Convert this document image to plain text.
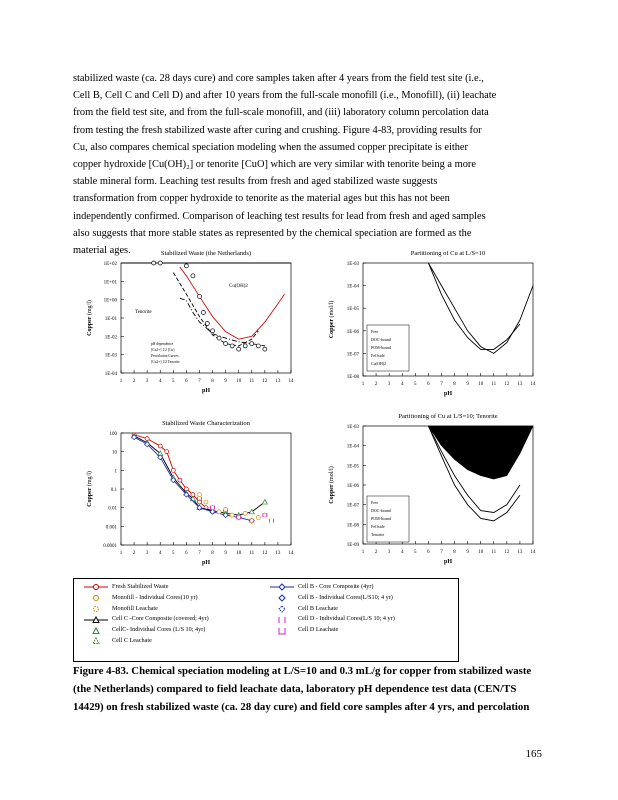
stabilized waste (ca. 28 days cure) and core samples taken after 4 years from the field test site (i.e.,

Cell B, Cell C and Cell D) and after 10 years from the full‐scale monofill (i.e., Monofill), (ii) leachate

from the field test site, and from the full‐scale monofill, and (iii) laboratory column percolation data

from testing the fresh stabilized waste after curing and crushing. Figure 4‐83, providing results for

Cu, also compares chemical speciation modeling when the assumed copper precipitate is either

copper hydroxide [Cu(OH)₂] or tenorite [CuO] which are very similar with tenorite being a more

stable mineral form. Leaching test results from fresh and aged stabilized waste suggests

transformation from copper hydroxide to tenorite as the material ages but this has not been

independently confirmed. Comparison of leaching test results for lead from fresh and aged samples

also suggests that more stable states as represented by the chemical speciation are formed as the

material ages.	Stabilized Waste (the Netherlands)
1E-04
1E-03
1E-02
1E-01
1E+00
1E+01
1E+02
1 2 3 4 5 6 7 8 9 10 11 12 13 14
pH
Copper (mg/l)
Cu(OH)2
Tenorite
pH dependence
[Cu2+] 1/2 [Cu]
Percolation Curves
[Cu2+] 1/2 Tenorite
Partitioning of Cu at L/S=10
1E-08
1E-07
1E-06
1E-05
1E-04
1E-03
1 2 3 4 5 6 7 8 9 10 11 12 13 14
pH
Copper (mol/l)
Free
DOC-bound
POM-bound
FeOxide
Cu(OH)2
Stabilized Waste Characterization
0.0001
0.001
0.01
0.1
1
10
100
1 2 3 4 5 6 7 8 9 10 11 12 13 14
pH
Copper (mg/l)
Partitioning of Cu at L/S=10; Tenorite
1E-09
1E-08
1E-07
1E-06
1E-05
1E-04
1E-03
1 2 3 4 5 6 7 8 9 10 11 12 13 14
pH
Copper (mol/l)
Free
DOC-bound
POM-bound
FeOxide
Tenorite
Fresh Stabilized Waste
Monofill - Individual Cores(10 yr)
Monofill Leachate
Cell C -Core Composite (covered; 4yr)
CellC- Individual Cores (L/S 10; 4yr)
Cell C Leachate
Cell B - Core Composite (4yr)
Cell B - Individual Cores(L/S10; 4 yr)
Cell B Leachate
Cell D - Individual Cores(L/S 10; 4 yr)
Cell D Leachate
Figure 4‐83. Chemical speciation modeling at L/S=10 and 0.3 mL/g for copper from stabilized waste
(the Netherlands) compared to field leachate data, laboratory pH dependence test data (CEN/TS
14429) on fresh stabilized waste (ca. 28 day cure) and field core samples after 4 yrs, and percolation
165
